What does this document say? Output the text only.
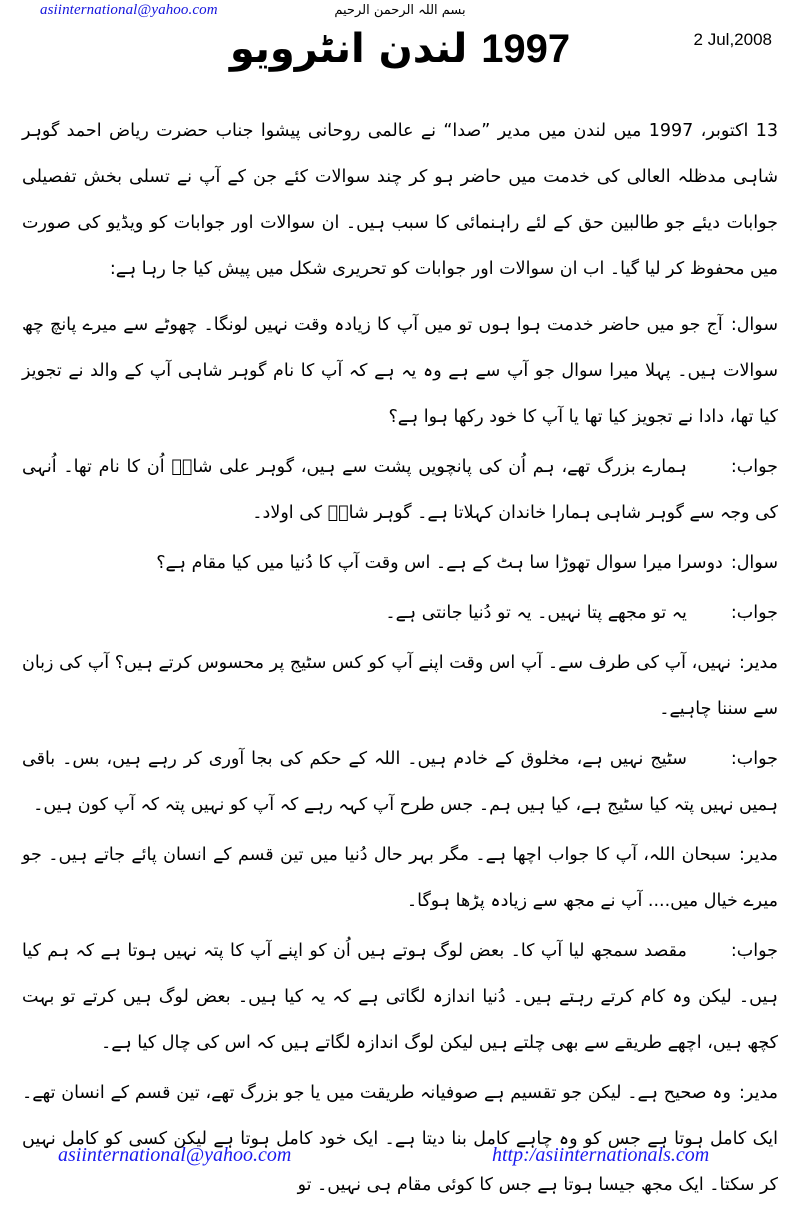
asiinternational@yahoo.com	بسم اللہ الرحمن الرحیم
2 Jul,2008
1997 لندن انٹرویو

13 اکتوبر، 1997 میں لندن میں مدیر ”صدا“ نے عالمی روحانی پیشوا جناب حضرت ریاض احمد گوہر شاہی مدظلہ العالی کی خدمت میں حاضر ہو کر چند سوالات کئے جن کے آپ نے تسلی بخش تفصیلی جوابات دیئے جو طالبین حق کے لئے راہنمائی کا سبب ہیں۔ ان سوالات اور جوابات کو ویڈیو کی صورت میں محفوظ کر لیا گیا۔ اب ان سوالات اور جوابات کو تحریری شکل میں پیش کیا جا رہا ہے:

سوال:آج جو میں حاضر خدمت ہوا ہوں تو میں آپ کا زیادہ وقت نہیں لونگا۔ چھوٹے سے میرے پانچ چھ سوالات ہیں۔ پہلا میرا سوال جو آپ سے ہے وہ یہ ہے کہ آپ کا نام گوہر شاہی آپ کے والد نے تجویز کیا تھا، دادا نے تجویز کیا تھا یا آپ کا خود رکھا ہوا ہے؟

جواب:ہمارے بزرگ تھے، ہم اُن کی پانچویں پشت سے ہیں، گوہر علی شاہؒ اُن کا نام تھا۔ اُنہی کی وجہ سے گوہر شاہی ہمارا خاندان کہلاتا ہے۔ گوہر شاہؒ کی اولاد۔

سوال:دوسرا میرا سوال تھوڑا سا ہٹ کے ہے۔ اس وقت آپ کا دُنیا میں کیا مقام ہے؟

جواب:یہ تو مجھے پتا نہیں۔ یہ تو دُنیا جانتی ہے۔

مدیر:نہیں، آپ کی طرف سے۔ آپ اس وقت اپنے آپ کو کس سٹیج پر محسوس کرتے ہیں؟ آپ کی زبان سے سننا چاہیے۔

جواب:سٹیج نہیں ہے، مخلوق کے خادم ہیں۔ اللہ کے حکم کی بجا آوری کر رہے ہیں، بس۔ باقی ہمیں نہیں پتہ کیا سٹیج ہے، کیا ہیں ہم۔ جس طرح آپ کہہ رہے کہ آپ کو نہیں پتہ کہ آپ کون ہیں۔

مدیر:سبحان اللہ، آپ کا جواب اچھا ہے۔ مگر بہر حال دُنیا میں تین قسم کے انسان پائے جاتے ہیں۔ جو میرے خیال میں.... آپ نے مجھ سے زیادہ پڑھا ہوگا۔

جواب:مقصد سمجھ لیا آپ کا۔ بعض لوگ ہوتے ہیں اُن کو اپنے آپ کا پتہ نہیں ہوتا ہے کہ ہم کیا ہیں۔ لیکن وہ کام کرتے رہتے ہیں۔ دُنیا اندازہ لگاتی ہے کہ یہ کیا ہیں۔ بعض لوگ ہیں کرتے تو بہت کچھ ہیں، اچھے طریقے سے بھی چلتے ہیں لیکن لوگ اندازہ لگاتے ہیں کہ اس کی چال کیا ہے۔

مدیر:وہ صحیح ہے۔ لیکن جو تقسیم ہے صوفیانہ طریقت میں یا جو بزرگ تھے، تین قسم کے انسان تھے۔ ایک کامل ہوتا ہے جس کو وہ چاہے کامل بنا دیتا ہے۔ ایک خود کامل ہوتا ہے لیکن کسی کو کامل نہیں کر سکتا۔ ایک مجھ جیسا ہوتا ہے جس کا کوئی مقام ہی نہیں۔ تو

asiinternational@yahoo.com	http:/asiinternationals.com
